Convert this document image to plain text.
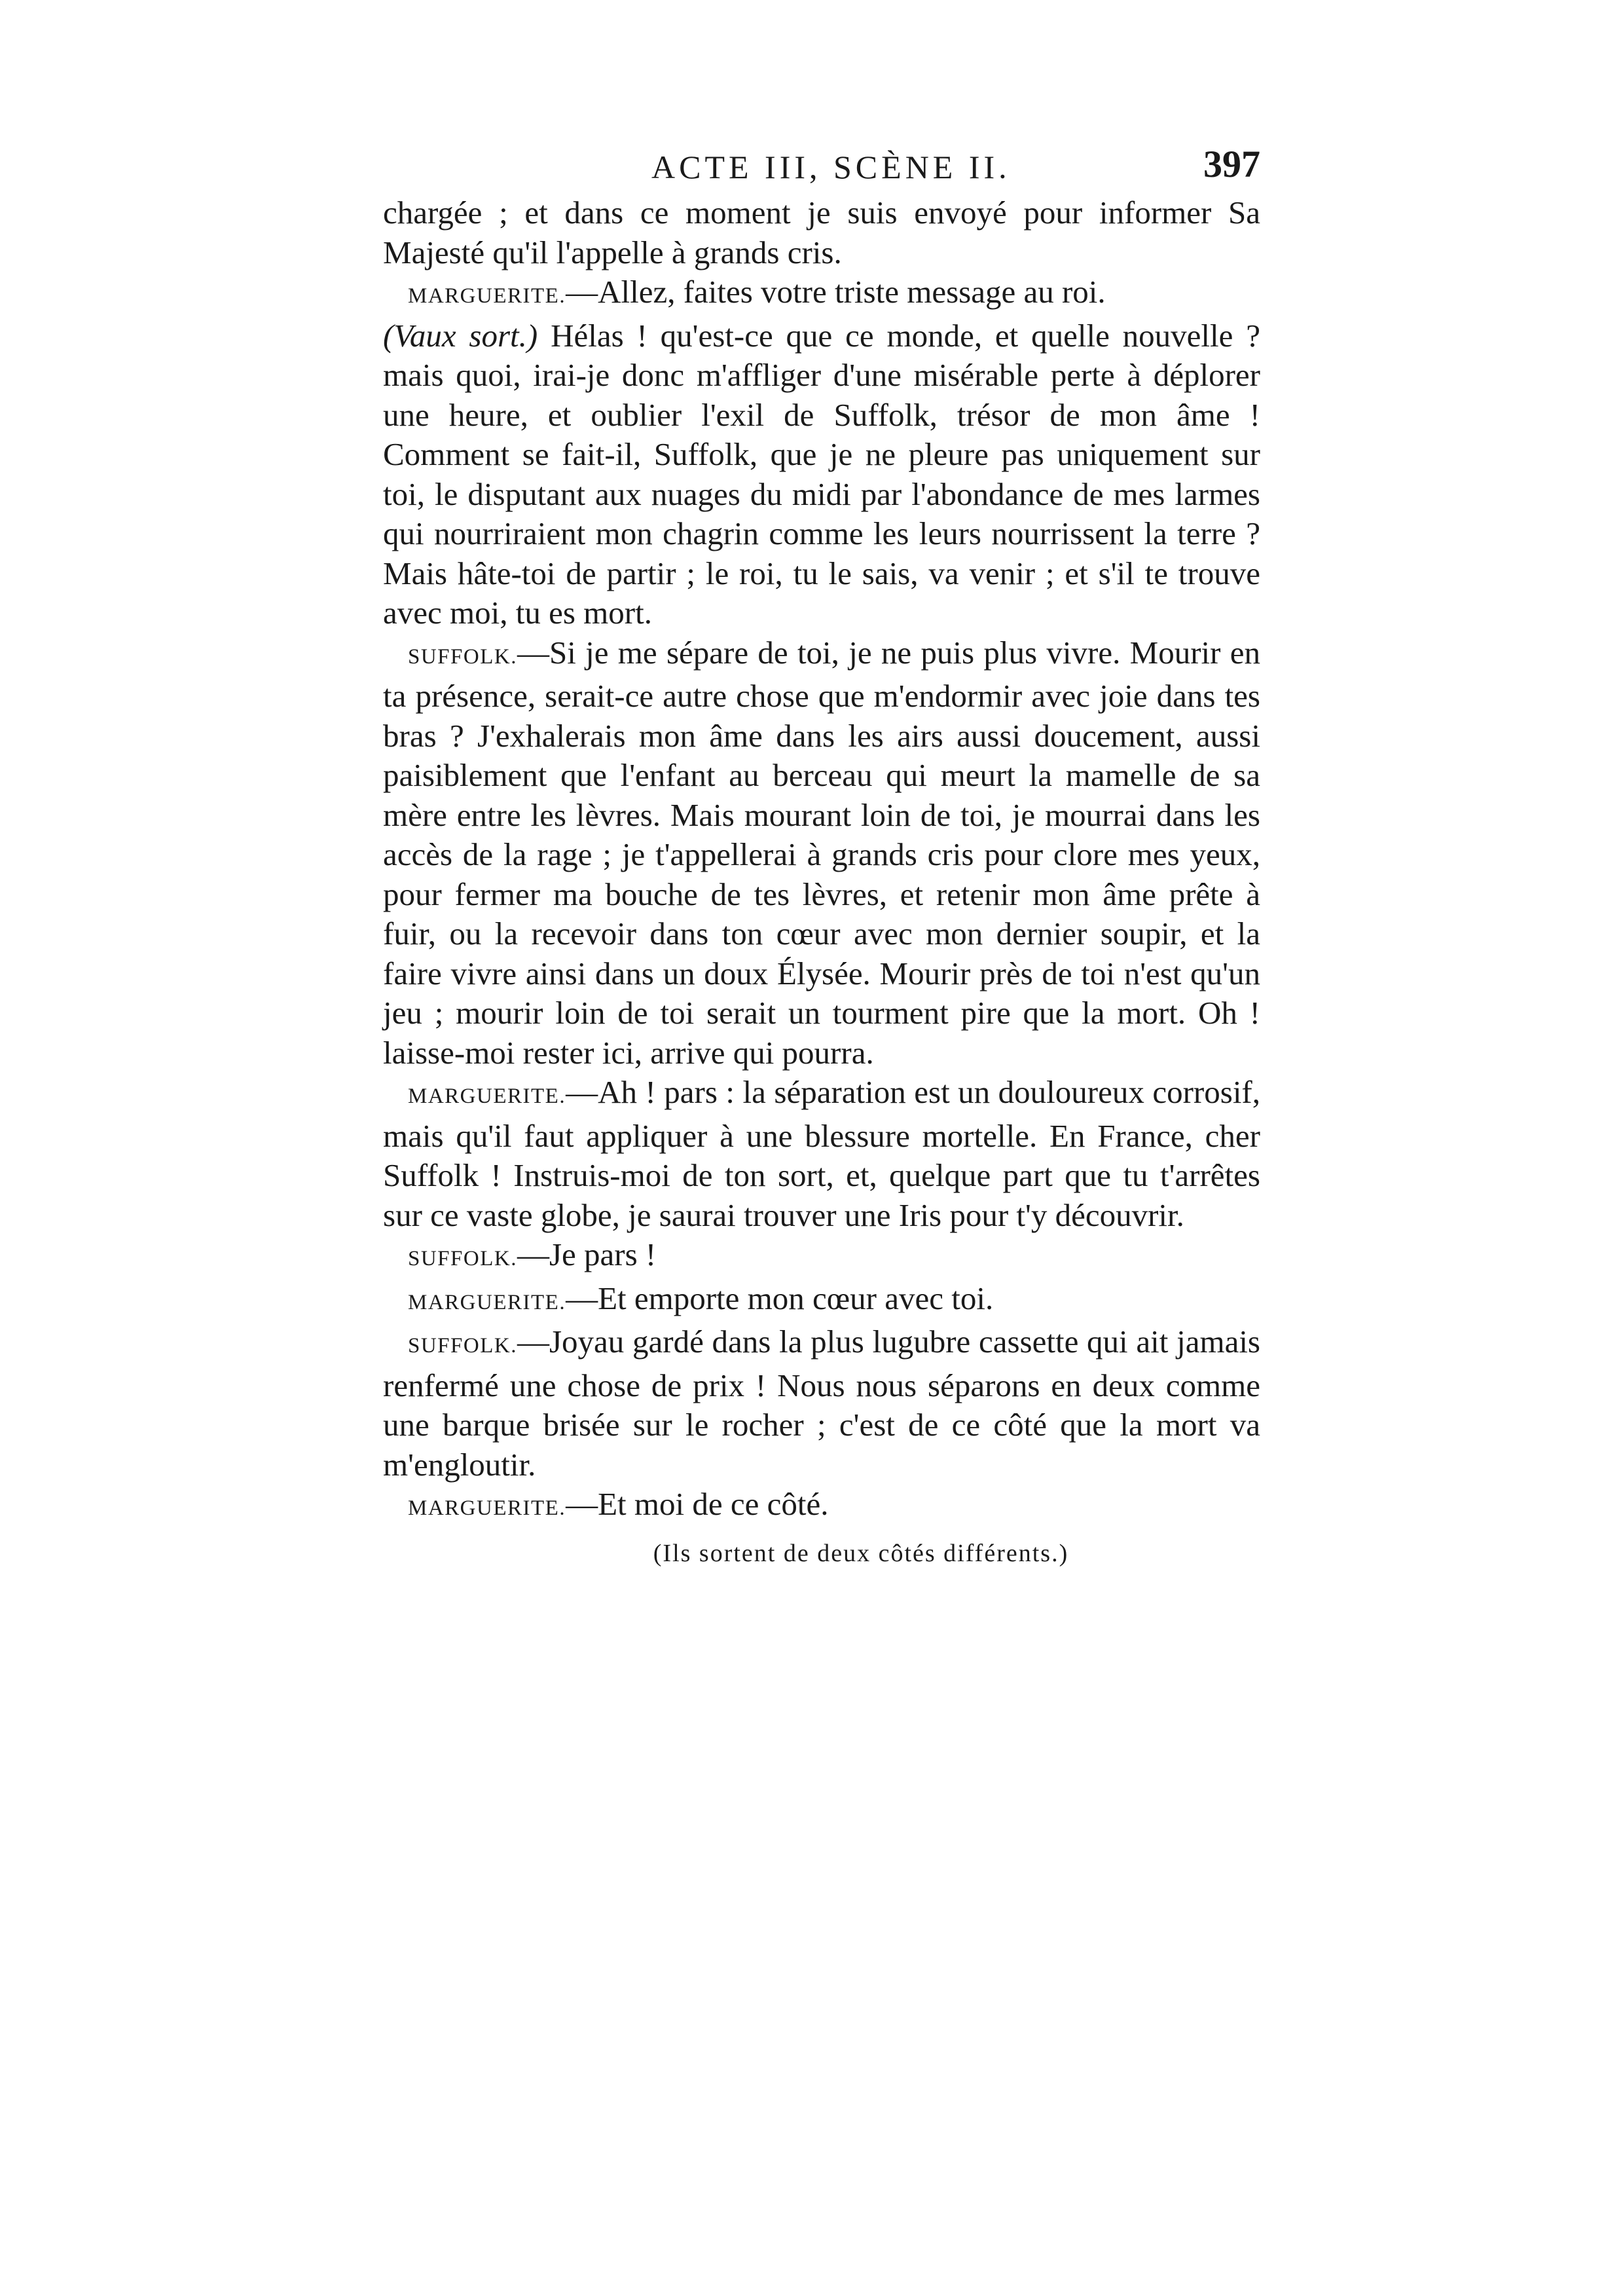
ACTE III, SCÈNE II.	397

chargée ; et dans ce moment je suis envoyé pour informer Sa Majesté qu'il l'appelle à grands cris.

MARGUERITE.—Allez, faites votre triste message au roi.

(Vaux sort.) Hélas ! qu'est-ce que ce monde, et quelle nouvelle ? mais quoi, irai-je donc m'affliger d'une misérable perte à déplorer une heure, et oublier l'exil de Suffolk, trésor de mon âme ! Comment se fait-il, Suffolk, que je ne pleure pas uniquement sur toi, le disputant aux nuages du midi par l'abondance de mes larmes qui nourriraient mon chagrin comme les leurs nourrissent la terre ? Mais hâte-toi de partir ; le roi, tu le sais, va venir ; et s'il te trouve avec moi, tu es mort.

SUFFOLK.—Si je me sépare de toi, je ne puis plus vivre. Mourir en ta présence, serait-ce autre chose que m'endormir avec joie dans tes bras ? J'exhalerais mon âme dans les airs aussi doucement, aussi paisiblement que l'enfant au berceau qui meurt la mamelle de sa mère entre les lèvres. Mais mourant loin de toi, je mourrai dans les accès de la rage ; je t'appellerai à grands cris pour clore mes yeux, pour fermer ma bouche de tes lèvres, et retenir mon âme prête à fuir, ou la recevoir dans ton cœur avec mon dernier soupir, et la faire vivre ainsi dans un doux Élysée. Mourir près de toi n'est qu'un jeu ; mourir loin de toi serait un tourment pire que la mort. Oh ! laisse-moi rester ici, arrive qui pourra.

MARGUERITE.—Ah ! pars : la séparation est un douloureux corrosif, mais qu'il faut appliquer à une blessure mortelle. En France, cher Suffolk ! Instruis-moi de ton sort, et, quelque part que tu t'arrêtes sur ce vaste globe, je saurai trouver une Iris pour t'y découvrir.

SUFFOLK.—Je pars !

MARGUERITE.—Et emporte mon cœur avec toi.

SUFFOLK.—Joyau gardé dans la plus lugubre cassette qui ait jamais renfermé une chose de prix ! Nous nous séparons en deux comme une barque brisée sur le rocher ; c'est de ce côté que la mort va m'engloutir.

MARGUERITE.—Et moi de ce côté.

(Ils sortent de deux côtés différents.)
